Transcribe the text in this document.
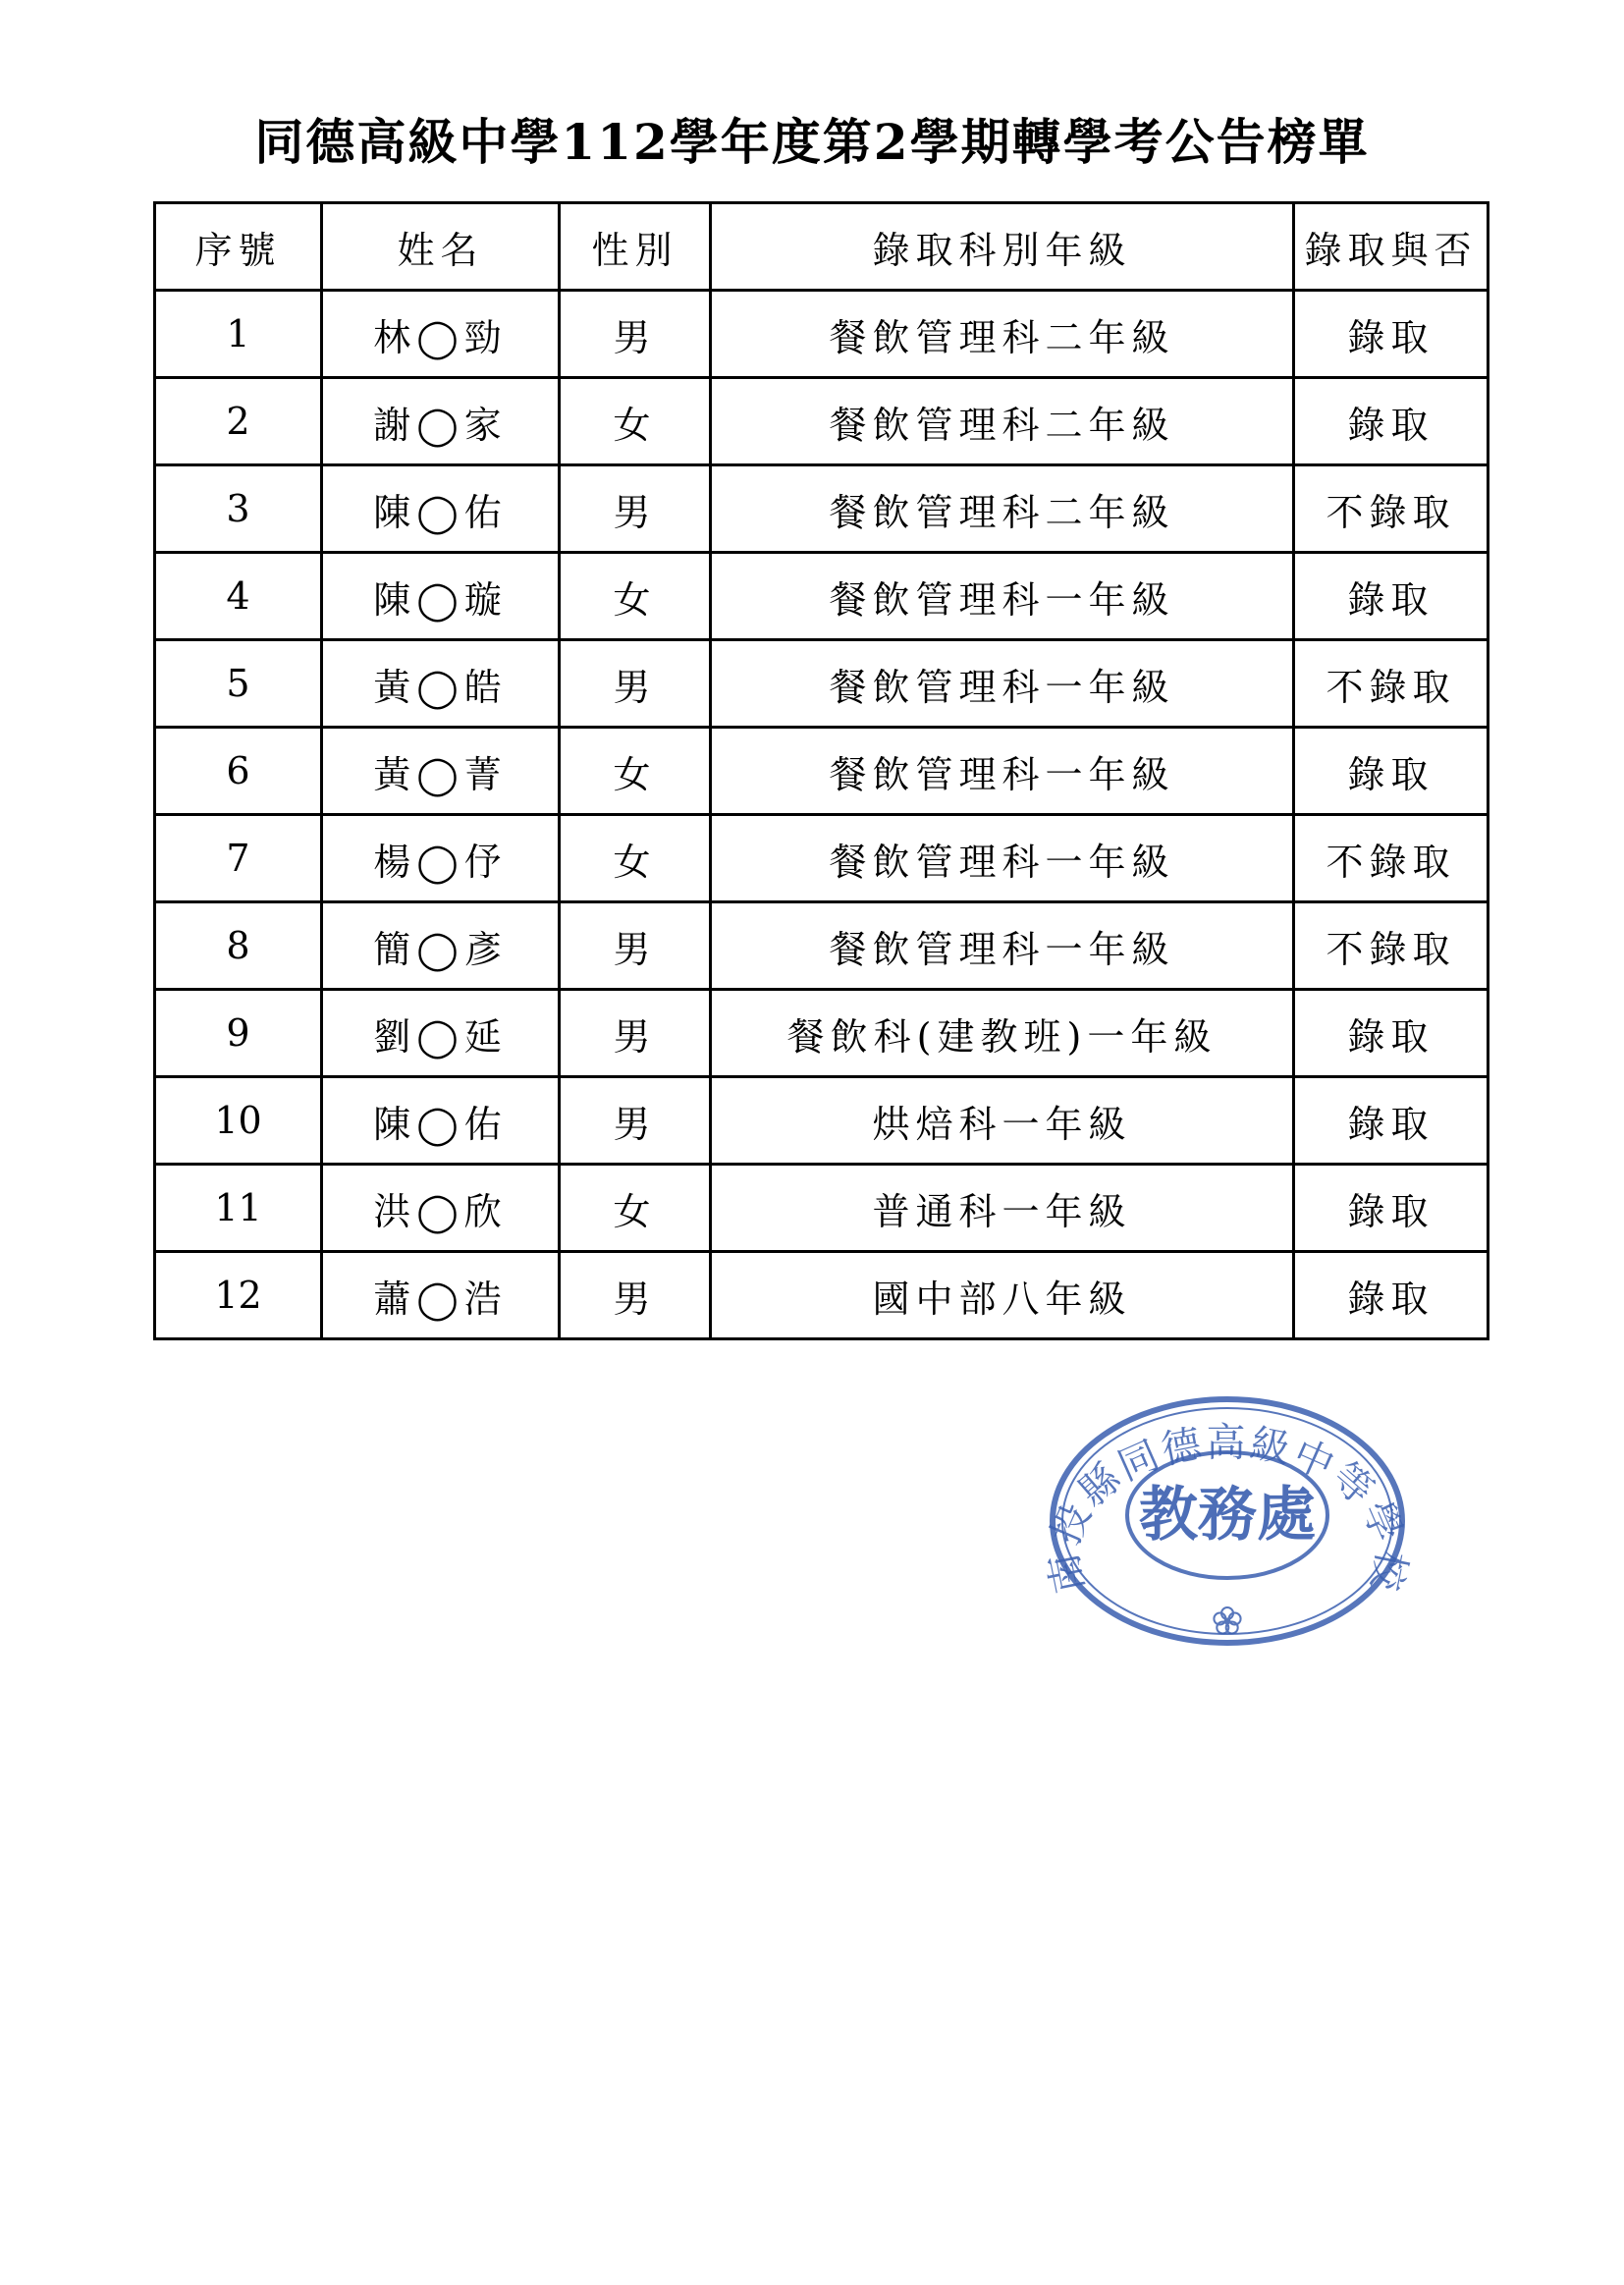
同德高級中學112學年度第2學期轉學考公告榜單
序號	姓名	性別	錄取科別年級	錄取與否
1	林◯勁	男	餐飲管理科二年級	錄取
2	謝◯家	女	餐飲管理科二年級	錄取
3	陳◯佑	男	餐飲管理科二年級	不錄取
4	陳◯璇	女	餐飲管理科一年級	錄取
5	黃◯皓	男	餐飲管理科一年級	不錄取
6	黃◯菁	女	餐飲管理科一年級	錄取
7	楊◯伃	女	餐飲管理科一年級	不錄取
8	簡◯彥	男	餐飲管理科一年級	不錄取
9	劉◯延	男	餐飲科(建教班)一年級	錄取
10	陳◯佑	男	烘焙科一年級	錄取
11	洪◯欣	女	普通科一年級	錄取
12	蕭◯浩	男	國中部八年級	錄取
南投縣同德高級中等學校
教務處
